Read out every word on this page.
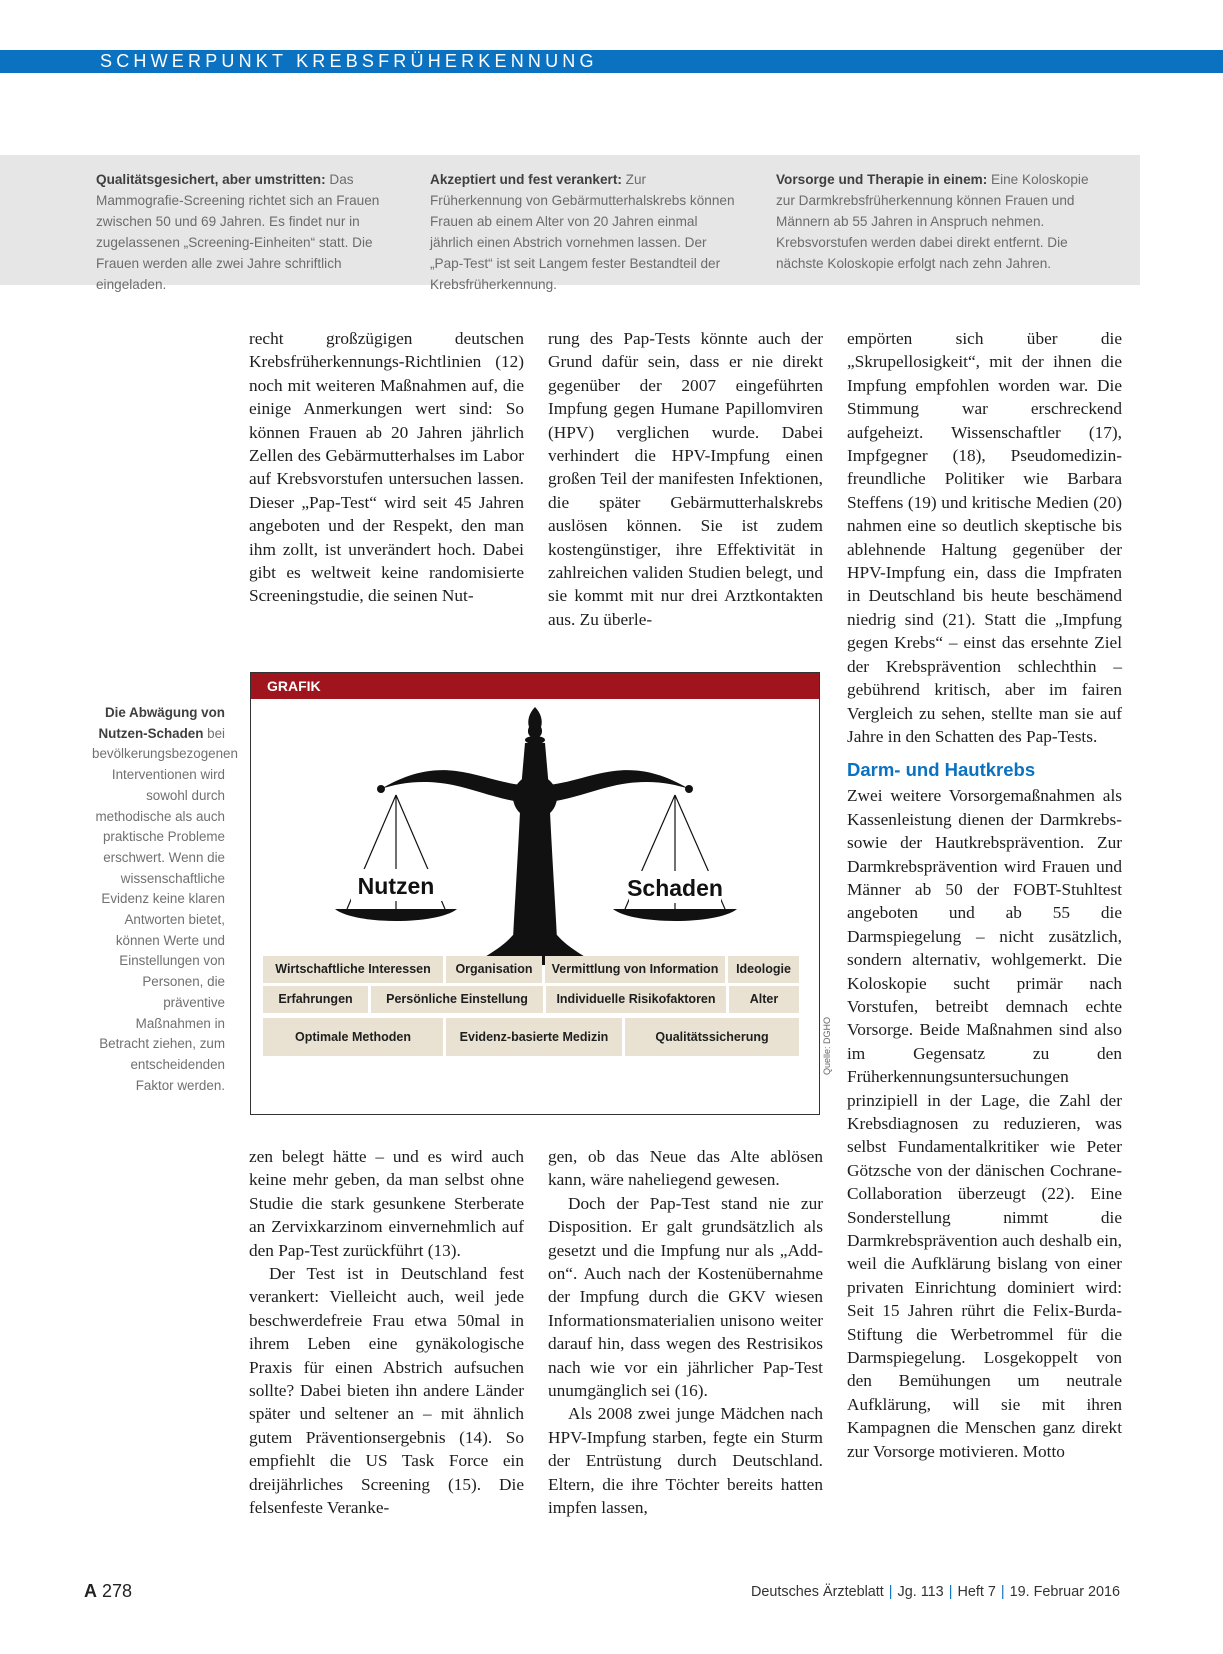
SCHWERPUNKT KREBSFRÜHERKENNUNG
Qualitätsgesichert, aber umstritten: Das Mammografie-Screening richtet sich an Frauen zwischen 50 und 69 Jahren. Es findet nur in zugelassenen „Screening-Einheiten“ statt. Die Frauen werden alle zwei Jahre schriftlich eingeladen.
Akzeptiert und fest verankert: Zur Früherkennung von Gebärmutterhalskrebs können Frauen ab einem Alter von 20 Jahren einmal jährlich einen Abstrich vornehmen lassen. Der „Pap-Test“ ist seit Langem fester Bestandteil der Krebsfrüherkennung.
Vorsorge und Therapie in einem: Eine Koloskopie zur Darmkrebsfrüherkennung können Frauen und Männern ab 55 Jahren in Anspruch nehmen. Krebsvorstufen werden dabei direkt entfernt. Die nächste Koloskopie erfolgt nach zehn Jahren.

recht großzügigen deutschen Krebsfrüherkennungs-Richtlinien (12) noch mit weiteren Maßnahmen auf, die einige Anmerkungen wert sind: So können Frauen ab 20 Jahren jährlich Zellen des Gebärmutterhalses im Labor auf Krebsvorstufen untersuchen lassen. Dieser „Pap-Test“ wird seit 45 Jahren angeboten und der Respekt, den man ihm zollt, ist unverändert hoch. Dabei gibt es weltweit keine randomisierte Screeningstudie, die seinen Nut-

rung des Pap-Tests könnte auch der Grund dafür sein, dass er nie direkt gegenüber der 2007 eingeführten Impfung gegen Humane Papillomviren (HPV) verglichen wurde. Dabei verhindert die HPV-Impfung einen großen Teil der manifesten Infektionen, die später Gebärmutterhalskrebs auslösen können. Sie ist zudem kostengünstiger, ihre Effektivität in zahlreichen validen Studien belegt, und sie kommt mit nur drei Arztkontakten aus. Zu überle-

empörten sich über die „Skrupellosigkeit“, mit der ihnen die Impfung empfohlen worden war. Die Stimmung war erschreckend aufgeheizt. Wissenschaftler (17), Impfgegner (18), Pseudomedizin-freundliche Politiker wie Barbara Steffens (19) und kritische Medien (20) nahmen eine so deutlich skeptische bis ablehnende Haltung gegenüber der HPV-Impfung ein, dass die Impfraten in Deutschland bis heute beschämend niedrig sind (21). Statt die „Impfung gegen Krebs“ – einst das ersehnte Ziel der Krebsprävention schlechthin – gebührend kritisch, aber im fairen Vergleich zu sehen, stellte man sie auf Jahre in den Schatten des Pap-Tests.

Darm- und Hautkrebs

Zwei weitere Vorsorgemaßnahmen als Kassenleistung dienen der Darmkrebs- sowie der Hautkrebsprävention. Zur Darmkrebsprävention wird Frauen und Männer ab 50 der FOBT-Stuhltest angeboten und ab 55 die Darmspiegelung – nicht zusätzlich, sondern alternativ, wohlgemerkt. Die Koloskopie sucht primär nach Vorstufen, betreibt demnach echte Vorsorge. Beide Maßnahmen sind also im Gegensatz zu den Früherkennungsuntersuchungen prinzipiell in der Lage, die Zahl der Krebsdiagnosen zu reduzieren, was selbst Fundamentalkritiker wie Peter Götzsche von der dänischen Cochrane-Collaboration überzeugt (22). Eine Sonderstellung nimmt die Darmkrebsprävention auch deshalb ein, weil die Aufklärung bislang von einer privaten Einrichtung dominiert wird: Seit 15 Jahren rührt die Felix-Burda-Stiftung die Werbetrommel für die Darmspiegelung. Losgekoppelt von den Bemühungen um neutrale Aufklärung, will sie mit ihren Kampagnen die Menschen ganz direkt zur Vorsorge motivieren. Motto

Die Abwägung von Nutzen-Schaden bei bevölkerungsbezogenen Interventionen wird sowohl durch methodische als auch praktische Probleme erschwert. Wenn die wissenschaftliche Evidenz keine klaren Antworten bietet, können Werte und Einstellungen von Personen, die präventive Maßnahmen in Betracht ziehen, zum entscheidenden Faktor werden.
GRAFIK
Nutzen	Schaden
Wirtschaftliche Interessen	Organisation	Vermittlung von Information	Ideologie
Erfahrungen	Persönliche Einstellung	Individuelle Risikofaktoren	Alter
Optimale Methoden	Evidenz-basierte Medizin	Qualitätssicherung	Quelle: DGHO

zen belegt hätte – und es wird auch keine mehr geben, da man selbst ohne Studie die stark gesunkene Sterberate an Zervixkarzinom einvernehmlich auf den Pap-Test zurückführt (13).

Der Test ist in Deutschland fest verankert: Vielleicht auch, weil jede beschwerdefreie Frau etwa 50mal in ihrem Leben eine gynäkologische Praxis für einen Abstrich aufsuchen sollte? Dabei bieten ihn andere Länder später und seltener an – mit ähnlich gutem Präventionsergebnis (14). So empfiehlt die US Task Force ein dreijährliches Screening (15). Die felsenfeste Veranke-

gen, ob das Neue das Alte ablösen kann, wäre naheliegend gewesen.

Doch der Pap-Test stand nie zur Disposition. Er galt grundsätzlich als gesetzt und die Impfung nur als „Add-on“. Auch nach der Kostenübernahme der Impfung durch die GKV wiesen Informationsmaterialien unisono weiter darauf hin, dass wegen des Restrisikos nach wie vor ein jährlicher Pap-Test unumgänglich sei (16).

Als 2008 zwei junge Mädchen nach HPV-Impfung starben, fegte ein Sturm der Entrüstung durch Deutschland. Eltern, die ihre Töchter bereits hatten impfen lassen,

A 278	Deutsches Ärzteblatt | Jg. 113 | Heft 7 | 19. Februar 2016
